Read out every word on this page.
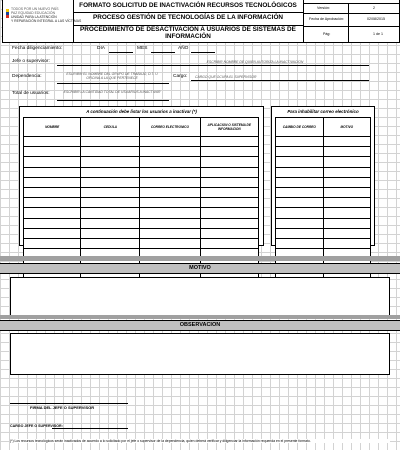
TODOS POR UN NUEVO PAÍS
PAZ EQUIDAD EDUCACIÓN
UNIDAD PARA LA ATENCIÓN
Y REPARACIÓN INTEGRAL A LAS VÍCTIMAS
FORMATO SOLICITUD DE INACTIVACIÓN RECURSOS TECNOLÓGICOS
PROCESO GESTIÓN DE TECNOLOGÍAS DE LA INFORMACIÓN
PROCEDIMIENTO DE DESACTIVACIÓN A USUARIOS DE SISTEMAS DE INFORMACIÓN
Versión:	2
Fecha de Aprobación:	02/08/2015
Pág:	1 de 1
Fecha diligenciamiento:	DIA	MES	AÑO
Jefe o supervisor:	ESCRIBIR NOMBRE DE QUIEN AUTORIZA LA INACTIVACION
Dependencia:	ESCRIBIR EL NOMBRE DEL GRUPO DE TRABAJO, D.T. U OFICINA A LA QUE PERTENECE	Cargo: CARGO QUE OCUPA EL SUPERVISOR
Total de usuarios:	ESCRIBIR LA CANTIDAD TOTAL DE USUARIOS A INACTIVAR
A continuación debe listar los usuarios a inactivar (*)
NOMBRE	CEDULA	CORREO ELECTRONICO	APLICACION O SISTEMA DE INFORMACION

Para inhabilitar correo electrónico
CAMBIO DE CORREO	MOTIVO

MOTIVO
OBSERVACION
FIRMA DEL JEFE O SUPERVISOR
CARGO JEFE O SUPERVISOR:
(*) Los recursos tecnológicos serán inactivados de acuerdo a lo solicitado por el jefe o supervisor de la dependencia, quien deberá verificar y diligenciar la información requerida en el presente formato.
